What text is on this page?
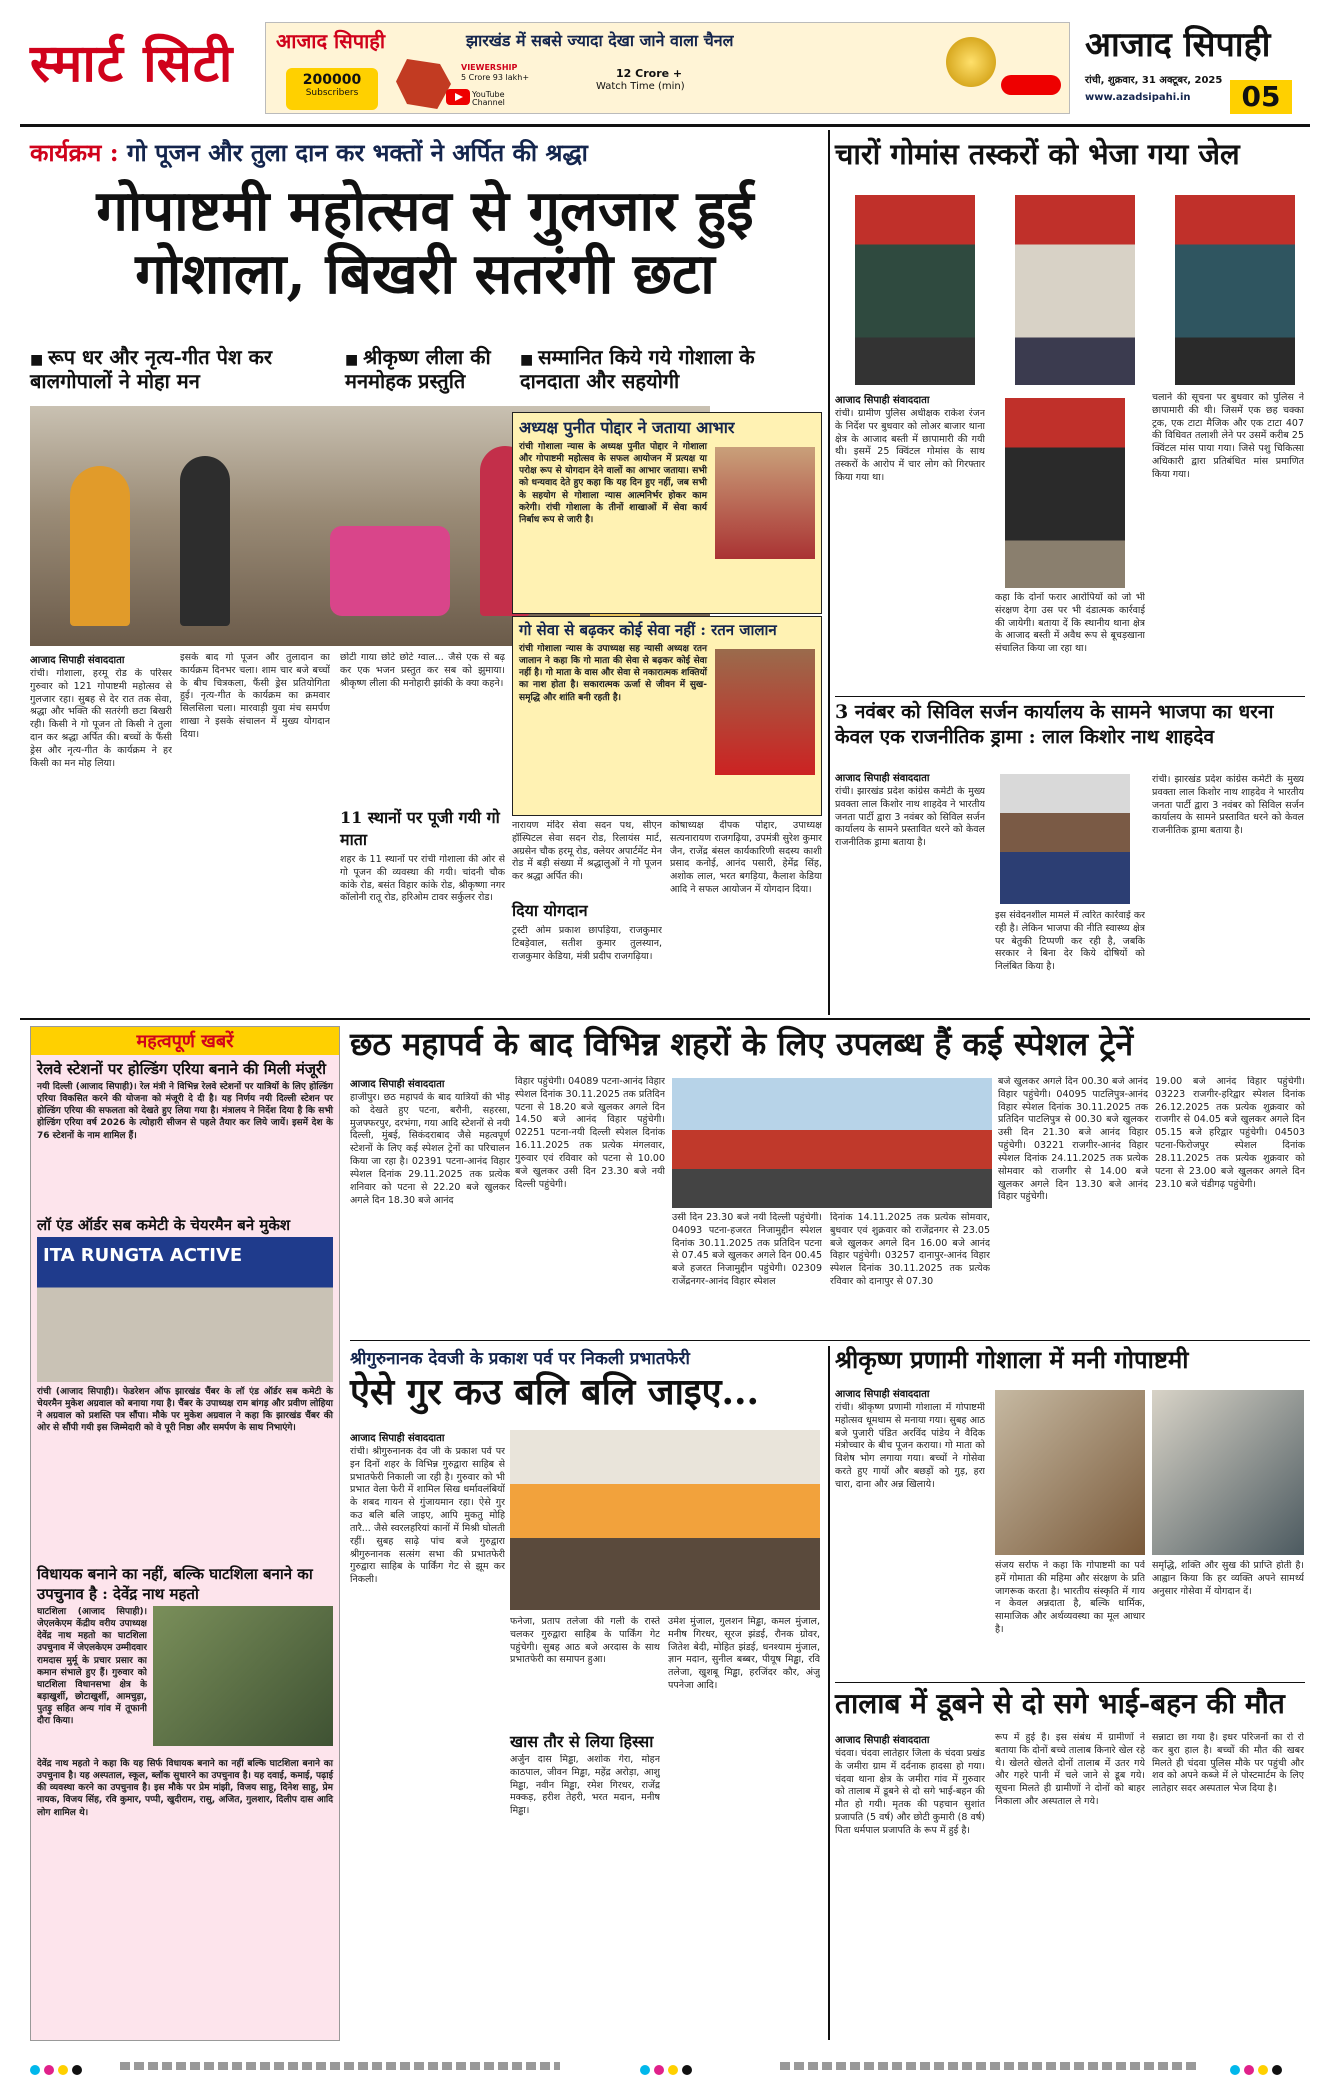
स्मार्ट सिटी आजाद सिपाही	झारखंड में सबसे ज्यादा देखा जाने वाला चैनल
200000
Subscribers
VIEWERSHIP
5 Crore 93 lakh+	12 Crore +
Watch Time (min)
YouTube Channel
आजाद सिपाही
रांची, शुक्रवार, 31 अक्टूबर, 2025
www.azadsipahi.in	05
कार्यक्रम : गो पूजन और तुला दान कर भक्तों ने अर्पित की श्रद्धा
गोपाष्टमी महोत्सव से गुलजार हुई गोशाला, बिखरी सतरंगी छटा
■ रूप धर और नृत्य-गीत पेश कर बालगोपालों ने मोहा मन
■ श्रीकृष्ण लीला की मनमोहक प्रस्तुति
■ सम्मानित किये गये गोशाला के दानदाता और सहयोगी
अध्यक्ष पुनीत पोद्दार ने जताया आभार
रांची गोशाला न्यास के अध्यक्ष पुनीत पोद्दार ने गोशाला और गोपाष्टमी महोत्सव के सफल आयोजन में प्रत्यक्ष या परोक्ष रूप से योगदान देने वालों का आभार जताया। सभी को धन्यवाद देते हुए कहा कि यह दिन हुए नहीं, जब सभी के सहयोग से गोशाला न्यास आत्मनिर्भर होकर काम करेगी। रांची गोशाला के तीनों शाखाओं में सेवा कार्य निर्बाध रूप से जारी है।
गो सेवा से बढ़कर कोई सेवा नहीं : रतन जालान
रांची गोशाला न्यास के उपाध्यक्ष सह न्यासी अध्यक्ष रतन जालान ने कहा कि गो माता की सेवा से बढ़कर कोई सेवा नहीं है। गो माता के वास और सेवा से नकारात्मक शक्तियों का नाश होता है। सकारात्मक ऊर्जा से जीवन में सुख-समृद्धि और शांति बनी रहती है।
आजाद सिपाही संवाददाता
रांची। गोशाला, हरमू रोड के परिसर गुरुवार को 121 गोपाष्टमी महोत्सव से गुलजार रहा। सुबह से देर रात तक सेवा, श्रद्धा और भक्ति की सतरंगी छटा बिखरी रही। किसी ने गो पूजन तो किसी ने तुला दान कर श्रद्धा अर्पित की। बच्चों के फैंसी ड्रेस और नृत्य-गीत के कार्यक्रम ने हर किसी का मन मोह लिया।
इसके बाद गो पूजन और तुलादान का कार्यक्रम दिनभर चला। शाम चार बजे बच्चों के बीच चित्रकला, फैंसी ड्रेस प्रतियोगिता हुई। नृत्य-गीत के कार्यक्रम का क्रमवार सिलसिला चला। मारवाड़ी युवा मंच समर्पण शाखा ने इसके संचालन में मुख्य योगदान दिया।
छोटी गाया छोटे छोटे ग्वाल... जैसे एक से बढ़ कर एक भजन प्रस्तुत कर सब को झुमाया। श्रीकृष्ण लीला की मनोहारी झांकी के क्या कहने।
11 स्थानों पर पूजी गयी गो माता
शहर के 11 स्थानों पर रांची गोशाला की ओर से गो पूजन की व्यवस्था की गयी। चांदनी चौक कांके रोड, बसंत विहार कांके रोड, श्रीकृष्णा नगर कॉलोनी रातू रोड, हरिओम टावर सर्कुलर रोड।
नारायण मंदिर सेवा सदन पथ, सीएन हॉस्पिटल सेवा सदन रोड, रिलायंस मार्ट, अग्रसेन चौक हरमू रोड, क्लेयर अपार्टमेंट मेन रोड में बड़ी संख्या में श्रद्धालुओं ने गो पूजन कर श्रद्धा अर्पित की।
दिया योगदान
ट्रस्टी ओम प्रकाश छापड़िया, राजकुमार टिबड़ेवाल, सतीश कुमार तुलस्यान, राजकुमार केडिया, मंत्री प्रदीप राजगढ़िया।
कोषाध्यक्ष दीपक पोद्दार, उपाध्यक्ष सत्यनारायण राजगढ़िया, उपमंत्री सुरेश कुमार जैन, राजेंद्र बंसल कार्यकारिणी सदस्य काशी प्रसाद कनोई, आनंद पसारी, हेमेंद्र सिंह, अशोक लाल, भरत बगड़िया, कैलाश केडिया आदि ने सफल आयोजन में योगदान दिया।
चारों गोमांस तस्करों को भेजा गया जेल
आजाद सिपाही संवाददाता
रांची। ग्रामीण पुलिस अधीक्षक राकेश रंजन के निर्देश पर बुधवार को लोअर बाजार थाना क्षेत्र के आजाद बस्ती में छापामारी की गयी थी। इसमें 25 क्विंटल गोमांस के साथ तस्करों के आरोप में चार लोग को गिरफ्तार किया गया था।
कहा कि दोनों फरार आरोपियों को जो भी संरक्षण देगा उस पर भी दंडात्मक कार्रवाई की जायेगी। बताया दें कि स्थानीय थाना क्षेत्र के आजाद बस्ती में अवैध रूप से बूचड़खाना संचालित किया जा रहा था।
चलाने की सूचना पर बुधवार को पुलिस ने छापामारी की थी। जिसमें एक छह चक्का ट्रक, एक टाटा मैजिक और एक टाटा 407 की विधिवत तलाशी लेने पर उसमें करीब 25 क्विंटल मांस पाया गया। जिसे पशु चिकित्सा अधिकारी द्वारा प्रतिबंधित मांस प्रमाणित किया गया।
3 नवंबर को सिविल सर्जन कार्यालय के सामने भाजपा का धरना केवल एक राजनीतिक ड्रामा : लाल किशोर नाथ शाहदेव
आजाद सिपाही संवाददाता
रांची। झारखंड प्रदेश कांग्रेस कमेटी के मुख्य प्रवक्ता लाल किशोर नाथ शाहदेव ने भारतीय जनता पार्टी द्वारा 3 नवंबर को सिविल सर्जन कार्यालय के सामने प्रस्तावित धरने को केवल राजनीतिक ड्रामा बताया है।
इस संवेदनशील मामले में त्वरित कार्रवाई कर रही है। लेकिन भाजपा की नीति स्वास्थ्य क्षेत्र पर बेतुकी टिप्पणी कर रही है, जबकि सरकार ने बिना देर किये दोषियों को निलंबित किया है।
रांची। झारखंड प्रदेश कांग्रेस कमेटी के मुख्य प्रवक्ता लाल किशोर नाथ शाहदेव ने भारतीय जनता पार्टी द्वारा 3 नवंबर को सिविल सर्जन कार्यालय के सामने प्रस्तावित धरने को केवल राजनीतिक ड्रामा बताया है।
महत्वपूर्ण खबरें
रेलवे स्टेशनों पर होल्डिंग एरिया बनाने की मिली मंजूरी
नयी दिल्ली (आजाद सिपाही)। रेल मंत्री ने विभिन्न रेलवे स्टेशनों पर यात्रियों के लिए होल्डिंग एरिया विकसित करने की योजना को मंजूरी दे दी है। यह निर्णय नयी दिल्ली स्टेशन पर होल्डिंग एरिया की सफलता को देखते हुए लिया गया है। मंत्रालय ने निर्देश दिया है कि सभी होल्डिंग एरिया वर्ष 2026 के त्योहारी सीजन से पहले तैयार कर लिये जायें। इसमें देश के 76 स्टेशनों के नाम शामिल हैं।
लॉ एंड ऑर्डर सब कमेटी के चेयरमैन बने मुकेश
ITA RUNGTA ACTIVE
रांची (आजाद सिपाही)। फेडरेशन ऑफ झारखंड चैंबर के लॉ एंड ऑर्डर सब कमेटी के चेयरमैन मुकेश अग्रवाल को बनाया गया है। चैंबर के उपाध्यक्ष राम बांगड़ और प्रवीण लोहिया ने अग्रवाल को प्रशस्ति पत्र सौंपा। मौके पर मुकेश अग्रवाल ने कहा कि झारखंड चैंबर की ओर से सौंपी गयी इस जिम्मेदारी को वे पूरी निष्ठा और समर्पण के साथ निभाएंगे।
विधायक बनाने का नहीं, बल्कि घाटशिला बनाने का उपचुनाव है : देवेंद्र नाथ महतो
घाटशिला (आजाद सिपाही)। जेएलकेएम केंद्रीय वरीय उपाध्यक्ष देवेंद्र नाथ महतो का घाटशिला उपचुनाव में जेएलकेएम उम्मीदवार रामदास मुर्मू के प्रचार प्रसार का कमान संभाले हुए हैं। गुरुवार को घाटशिला विधानसभा क्षेत्र के बड़ाखुर्शी, छोटाखुर्शी, आमचुड़ा, पुतड़ु सहित अन्य गांव में तूफानी दौरा किया।
देवेंद्र नाथ महतो ने कहा कि यह सिर्फ विधायक बनाने का नहीं बल्कि घाटशिला बनाने का उपचुनाव है। यह अस्पताल, स्कूल, ब्लॉक सुधारने का उपचुनाव है। यह दवाई, कमाई, पढ़ाई की व्यवस्था करने का उपचुनाव है। इस मौके पर प्रेम मांझी, विजय साहू, दिनेश साहू, प्रेम नायक, विजय सिंह, रवि कुमार, पप्पी, खुदीराम, रासु, अजित, गुलशार, दिलीप दास आदि लोग शामिल थे।
छठ महापर्व के बाद विभिन्न शहरों के लिए उपलब्ध हैं कई स्पेशल ट्रेनें
आजाद सिपाही संवाददाता
हाजीपुर। छठ महापर्व के बाद यात्रियों की भीड़ को देखते हुए पटना, बरौनी, सहरसा, मुजफ्फरपुर, दरभंगा, गया आदि स्टेशनों से नयी दिल्ली, मुंबई, सिकंदराबाद जैसे महत्वपूर्ण स्टेशनों के लिए कई स्पेशल ट्रेनों का परिचालन किया जा रहा है। 02391 पटना-आनंद विहार स्पेशल दिनांक 29.11.2025 तक प्रत्येक शनिवार को पटना से 22.20 बजे खुलकर अगले दिन 18.30 बजे आनंद
विहार पहुंचेगी। 04089 पटना-आनंद विहार स्पेशल दिनांक 30.11.2025 तक प्रतिदिन पटना से 18.20 बजे खुलकर अगले दिन 14.50 बजे आनंद विहार पहुंचेगी। 02251 पटना-नयी दिल्ली स्पेशल दिनांक 16.11.2025 तक प्रत्येक मंगलवार, गुरुवार एवं रविवार को पटना से 10.00 बजे खुलकर उसी दिन 23.30 बजे नयी दिल्ली पहुंचेगी।
उसी दिन 23.30 बजे नयी दिल्ली पहुंचेगी। 04093 पटना-हजरत निजामुद्दीन स्पेशल दिनांक 30.11.2025 तक प्रतिदिन पटना से 07.45 बजे खुलकर अगले दिन 00.45 बजे हजरत निजामुद्दीन पहुंचेगी। 02309 राजेंद्रनगर-आनंद विहार स्पेशल
दिनांक 14.11.2025 तक प्रत्येक सोमवार, बुधवार एवं शुक्रवार को राजेंद्रनगर से 23.05 बजे खुलकर अगले दिन 16.00 बजे आनंद विहार पहुंचेगी। 03257 दानापुर-आनंद विहार स्पेशल दिनांक 30.11.2025 तक प्रत्येक रविवार को दानापुर से 07.30
बजे खुलकर अगले दिन 00.30 बजे आनंद विहार पहुंचेगी। 04095 पाटलिपुत्र-आनंद विहार स्पेशल दिनांक 30.11.2025 तक प्रतिदिन पाटलिपुत्र से 00.30 बजे खुलकर उसी दिन 21.30 बजे आनंद विहार पहुंचेगी। 03221 राजगीर-आनंद विहार स्पेशल दिनांक 24.11.2025 तक प्रत्येक सोमवार को राजगीर से 14.00 बजे खुलकर अगले दिन 13.30 बजे आनंद विहार पहुंचेगी।
19.00 बजे आनंद विहार पहुंचेगी। 03223 राजगीर-हरिद्वार स्पेशल दिनांक 26.12.2025 तक प्रत्येक शुक्रवार को राजगीर से 04.05 बजे खुलकर अगले दिन 05.15 बजे हरिद्वार पहुंचेगी। 04503 पटना-फिरोजपुर स्पेशल दिनांक 28.11.2025 तक प्रत्येक शुक्रवार को पटना से 23.00 बजे खुलकर अगले दिन 23.10 बजे चंडीगढ़ पहुंचेगी।
श्रीगुरुनानक देवजी के प्रकाश पर्व पर निकली प्रभातफेरी
ऐसे गुर कउ बलि बलि जाइए...
आजाद सिपाही संवाददाता
रांची। श्रीगुरुनानक देव जी के प्रकाश पर्व पर इन दिनों शहर के विभिन्न गुरुद्वारा साहिब से प्रभातफेरी निकाली जा रही है। गुरुवार को भी प्रभात वेला फेरी में शामिल सिख धर्मावलंबियों के शबद गायन से गुंजायमान रहा। ऐसे गुर कउ बलि बलि जाइए, आपि मुकतु मोहि तारै... जैसे स्वरलहरियां कानों में मिश्री घोलती रहीं। सुबह साढ़े पांच बजे गुरुद्वारा श्रीगुरुनानक सत्संग सभा की प्रभातफेरी गुरुद्वारा साहिब के पार्किंग गेट से झूम कर निकली।
फनेजा, प्रताप तलेजा की गली के रास्ते चलकर गुरुद्वारा साहिब के पार्किंग गेट पहुंचेगी। सुबह आठ बजे अरदास के साथ प्रभातफेरी का समापन हुआ।
खास तौर से लिया हिस्सा
अर्जुन दास मिड्ढा, अशोक गेरा, मोहन काठपाल, जीवन मिड्ढा, महेंद्र अरोड़ा, आशु मिड्ढा, नवीन मिड्ढा, रमेश गिरधर, राजेंद्र मक्कड़, हरीश तेहरी, भरत मदान, मनीष मिड्ढा।
उमेश मुंजाल, गुलशन मिड्ढा, कमल मुंजाल, मनीष गिरधर, सूरज झंडई, रौनक ग्रोवर, जितेश बेदी, मोहित झंडई, धनश्याम मुंजाल, ज्ञान मदान, सुनील बब्बर, पीयूष मिड्ढा, रवि तलेजा, खुशबू मिड्ढा, हरजिंदर कौर, अंजु पपनेजा आदि।
श्रीकृष्ण प्रणामी गोशाला में मनी गोपाष्टमी
आजाद सिपाही संवाददाता
रांची। श्रीकृष्ण प्रणामी गोशाला में गोपाष्टमी महोत्सव धूमधाम से मनाया गया। सुबह आठ बजे पुजारी पंडित अरविंद पांडेय ने वैदिक मंत्रोच्चार के बीच पूजन कराया। गो माता को विशेष भोग लगाया गया। बच्चों ने गोसेवा करते हुए गायों और बछड़ों को गुड़, हरा चारा, दाना और अन्न खिलाये।
संजय सर्राफ ने कहा कि गोपाष्टमी का पर्व हमें गोमाता की महिमा और संरक्षण के प्रति जागरूक करता है। भारतीय संस्कृति में गाय न केवल अन्नदाता है, बल्कि धार्मिक, सामाजिक और अर्थव्यवस्था का मूल आधार है।
समृद्धि, शक्ति और सुख की प्राप्ति होती है। आह्वान किया कि हर व्यक्ति अपने सामर्थ्य अनुसार गोसेवा में योगदान दें।
तालाब में डूबने से दो सगे भाई-बहन की मौत
आजाद सिपाही संवाददाता
चंदवा। चंदवा लातेहार जिला के चंदवा प्रखंड के जमीरा ग्राम में दर्दनाक हादसा हो गया। चंदवा थाना क्षेत्र के जमीरा गांव में गुरुवार को तालाब में डूबने से दो सगे भाई-बहन की मौत हो गयी। मृतक की पहचान सुशांत प्रजापति (5 वर्ष) और छोटी कुमारी (8 वर्ष) पिता धर्मपाल प्रजापति के रूप में हुई है।
रूप में हुई है। इस संबंध में ग्रामीणों ने बताया कि दोनों बच्चे तालाब किनारे खेल रहे थे। खेलते खेलते दोनों तालाब में उतर गये और गहरे पानी में चले जाने से डूब गये। सूचना मिलते ही ग्रामीणों ने दोनों को बाहर निकाला और अस्पताल ले गये।
सन्नाटा छा गया है। इधर परिजनों का रो रो कर बुरा हाल है। बच्चों की मौत की खबर मिलते ही चंदवा पुलिस मौके पर पहुंची और शव को अपने कब्जे में ले पोस्टमार्टम के लिए लातेहार सदर अस्पताल भेज दिया है।
